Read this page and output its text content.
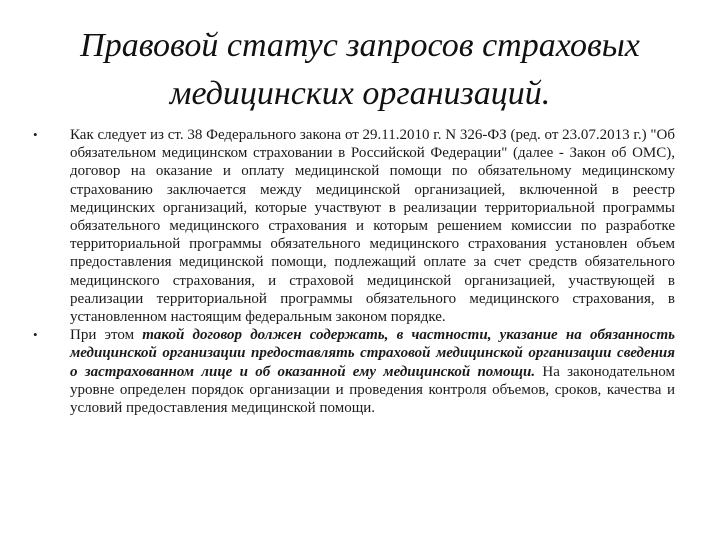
Правовой статус запросов страховых
медицинских организаций.
•	Как следует из ст. 38 Федерального закона от 29.11.2010 г. N 326-ФЗ (ред. от 23.07.2013 г.) "Об обязательном медицинском страховании в Российской Федерации" (далее - Закон об ОМС), договор на оказание и оплату медицинской помощи по обязательному медицинскому страхованию заключается между медицинской организацией, включенной в реестр медицинских организаций, которые участвуют в реализации территориальной программы обязательного медицинского страхования и которым решением комиссии по разработке территориальной программы обязательного медицинского страхования установлен объем предоставления медицинской помощи, подлежащий оплате за счет средств обязательного медицинского страхования, и страховой медицинской организацией, участвующей в реализации территориальной программы обязательного медицинского страхования, в установленном настоящим федеральным законом порядке.
•	При этом такой договор должен содержать, в частности, указание на обязанность медицинской организации предоставлять страховой медицинской организации сведения о застрахованном лице и об оказанной ему медицинской помощи. На законодательном уровне определен порядок организации и проведения контроля объемов, сроков, качества и условий предоставления медицинской помощи.
